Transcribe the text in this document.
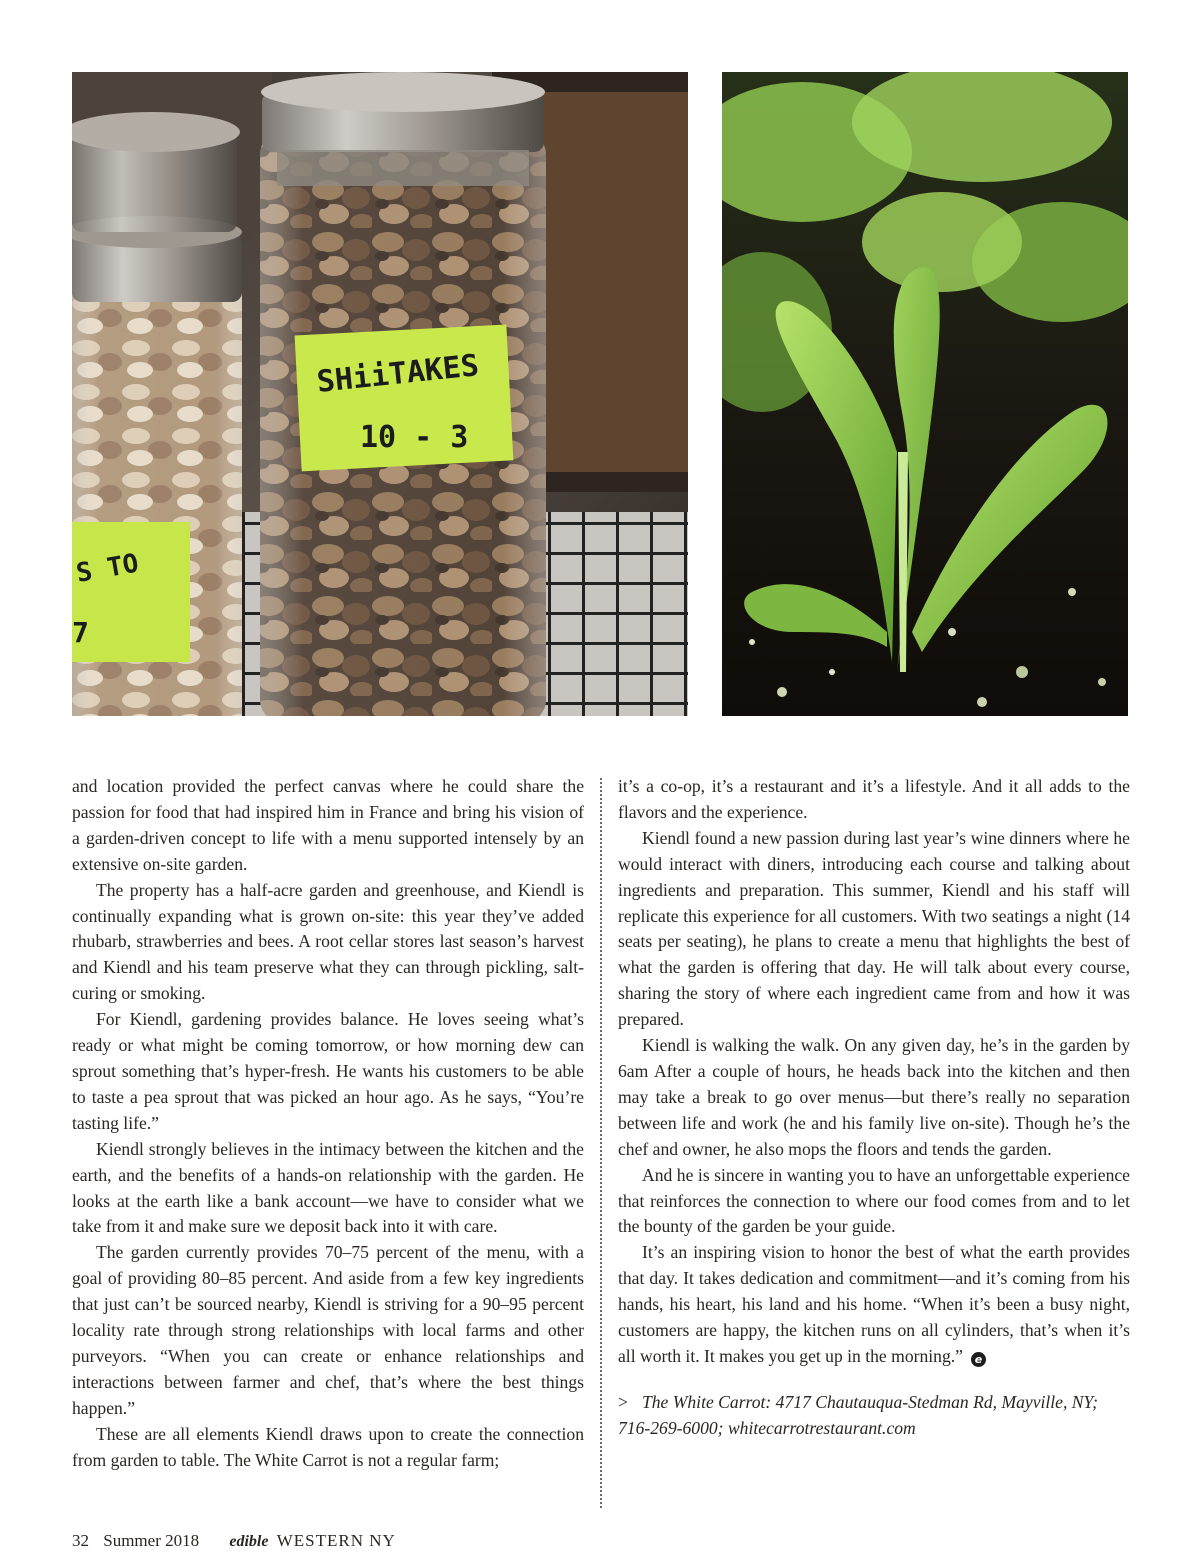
S TO
7
SHiiTAKES
10 - 3

and location provided the perfect canvas where he could share the passion for food that had inspired him in France and bring his vision of a garden-driven concept to life with a menu supported intensely by an extensive on-site garden.

The property has a half-acre garden and greenhouse, and Kiendl is continually expanding what is grown on-site: this year they’ve added rhubarb, strawberries and bees. A root cellar stores last season’s harvest and Kiendl and his team preserve what they can through pickling, salt-curing or smoking.

For Kiendl, gardening provides balance. He loves seeing what’s ready or what might be coming tomorrow, or how morning dew can sprout something that’s hyper-fresh. He wants his customers to be able to taste a pea sprout that was picked an hour ago. As he says, “You’re tasting life.”

Kiendl strongly believes in the intimacy between the kitchen and the earth, and the benefits of a hands-on relationship with the garden. He looks at the earth like a bank account—we have to consider what we take from it and make sure we deposit back into it with care.

The garden currently provides 70–75 percent of the menu, with a goal of providing 80–85 percent. And aside from a few key ingredients that just can’t be sourced nearby, Kiendl is striving for a 90–95 percent locality rate through strong relationships with local farms and other purveyors. “When you can create or enhance relationships and interactions between farmer and chef, that’s where the best things happen.”

These are all elements Kiendl draws upon to create the connection from garden to table. The White Carrot is not a regular farm;

it’s a co-op, it’s a restaurant and it’s a lifestyle. And it all adds to the flavors and the experience.

Kiendl found a new passion during last year’s wine dinners where he would interact with diners, introducing each course and talking about ingredients and preparation. This summer, Kiendl and his staff will replicate this experience for all customers. With two seatings a night (14 seats per seating), he plans to create a menu that highlights the best of what the garden is offering that day. He will talk about every course, sharing the story of where each ingredient came from and how it was prepared.

Kiendl is walking the walk. On any given day, he’s in the garden by 6am After a couple of hours, he heads back into the kitchen and then may take a break to go over menus—but there’s really no separation between life and work (he and his family live on-site). Though he’s the chef and owner, he also mops the floors and tends the garden.

And he is sincere in wanting you to have an unforgettable experience that reinforces the connection to where our food comes from and to let the bounty of the garden be your guide.

It’s an inspiring vision to honor the best of what the earth provides that day. It takes dedication and commitment—and it’s coming from his hands, his heart, his land and his home. “When it’s been a busy night, customers are happy, the kitchen runs on all cylinders, that’s when it’s all worth it. It makes you get up in the morning.” e

> The White Carrot: 4717 Chautauqua-Stedman Rd, Mayville, NY; 716-269-6000; whitecarrotrestaurant.com

32 Summer 2018 edible WESTERN NY
